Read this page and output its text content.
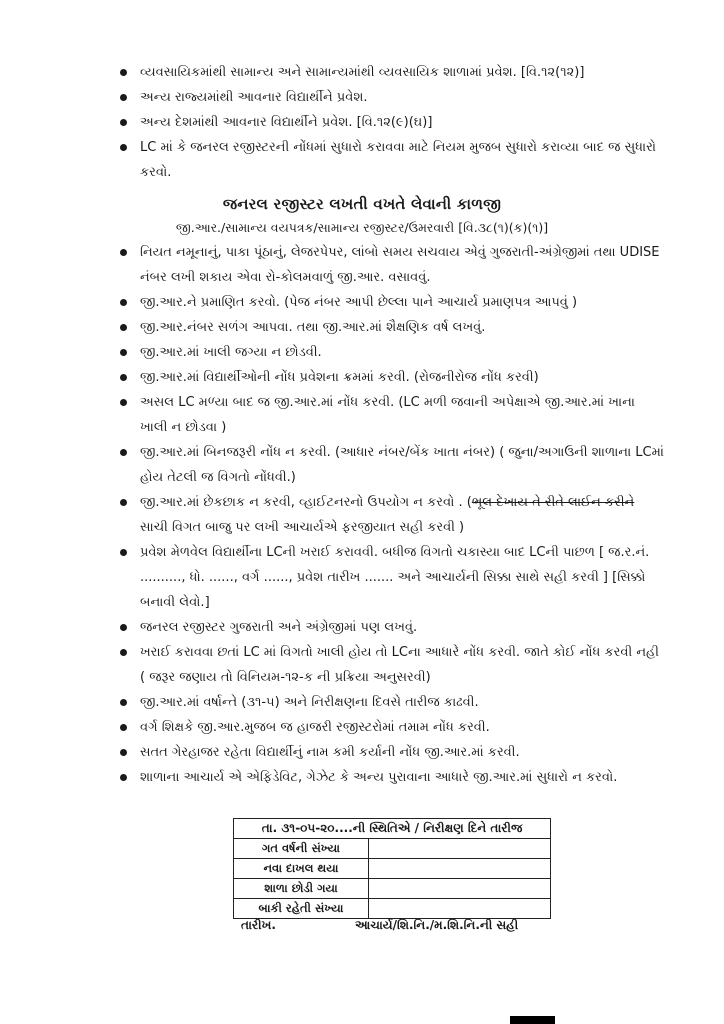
વ્યવસાયિકમાંથી સામાન્ય અને સામાન્યમાંથી વ્યવસાયિક શાળામાં પ્રવેશ. [વિ.૧૨(૧૨)]
અન્ય રાજ્યમાંથી આવનાર વિદ્યાર્થીને પ્રવેશ.
અન્ય દેશમાંથી આવનાર વિદ્યાર્થીને પ્રવેશ. [વિ.૧૨(૯)(ઘ)]
LC માં કે જનરલ રજીસ્ટરની નોંધમાં સુધારો કરાવવા માટે નિયમ મુજબ સુધારો કરાવ્યા બાદ જ સુધારો કરવો.
જનરલ રજીસ્ટર લખતી વખતે લેવાની કાળજી
જી.આર./સામાન્ય વયપત્રક/સામાન્ય રજીસ્ટર/ઉમરવારી [વિ.૩૮(૧)(ક)(૧)]
નિયત નમૂનાનું, પાકા પૂંઠાનું, લેજરપેપર, લાંબો સમય સચવાય એવું ગુજરાતી-અંગ્રેજીમાં તથા UDISE નંબર લખી શકાય એવા રો-કોલમવાળું જી.આર. વસાવવું.
જી.આર.ને પ્રમાણિત કરવો. (પેજ નંબર આપી છેલ્લા પાને આચાર્ય પ્રમાણપત્ર આપવું )
જી.આર.નંબર સળંગ આપવા. તથા જી.આર.માં શૈક્ષણિક વર્ષ લખવું.
જી.આર.માં ખાલી જગ્યા ન છોડવી.
જી.આર.માં વિદ્યાર્થીઓની નોંધ પ્રવેશના ક્રમમાં કરવી. (રોજનીરોજ નોંધ કરવી)
અસલ LC મળ્યા બાદ જ જી.આર.માં નોંધ કરવી. (LC મળી જવાની અપેક્ષાએ જી.આર.માં ખાના ખાલી ન છોડવા )
જી.આર.માં બિનજરૂરી નોંધ ન કરવી. (આધાર નંબર/બેંક ખાતા નંબર) ( જુના/અગાઉની શાળાના LCમાં હોય તેટલી જ વિગતો નોંધવી.)
જી.આર.માં છેકછાક ન કરવી, વ્હાઈટનરનો ઉપયોગ ન કરવો . (ભૂલ દેખાય તે રીતે લાઈન કરીને સાચી વિગત બાજુ પર લખી આચાર્યએ ફરજીયાત સહી કરવી )
પ્રવેશ મેળવેલ વિદ્યાર્થીના LCની ખરાઈ કરાવવી. બધીજ વિગતો ચકાસ્યા બાદ LCની પાછળ [ જ.ર.નં. .........., ધો. ......, વર્ગ ......, પ્રવેશ તારીખ ....... અને આચાર્યની સિક્કા સાથે સહી કરવી ] [સિક્કો બનાવી લેવો.]
જનરલ રજીસ્ટર ગુજરાતી અને અંગ્રેજીમાં પણ લખવું.
ખરાઈ કરાવવા છતાં LC માં વિગતો ખાલી હોય તો LCના આધારે નોંધ કરવી. જાતે કોઈ નોંધ કરવી નહી ( જરૂર જણાય તો વિનિયમ-૧૨-ક ની પ્રક્રિયા અનુસરવી)
જી.આર.માં વર્ષાન્તે (૩૧-૫) અને નિરીક્ષણના દિવસે તારીજ કાઢવી.
વર્ગ શિક્ષકે જી.આર.મુજબ જ હાજરી રજીસ્ટરોમાં તમામ નોંધ કરવી.
સતત ગેરહાજર રહેતા વિદ્યાર્થીનું નામ કમી કર્યાની નોંધ જી.આર.માં કરવી.
શાળાના આચાર્ય એ એફિડેવિટ, ગેઝેટ કે અન્ય પુરાવાના આધારે જી.આર.માં સુધારો ન કરવો.
તા. ૩૧-૦૫-૨૦....ની સ્થિતિએ / નિરીક્ષણ દિને તારીજ	
ગત વર્ષની સંખ્યા	
નવા દાખલ થયા	
શાળા છોડી ગયા	
બાકી રહેતી સંખ્યા	
તારીખ.	આચાર્ય/શિ.નિ./મ.શિ.નિ.ની સહી
